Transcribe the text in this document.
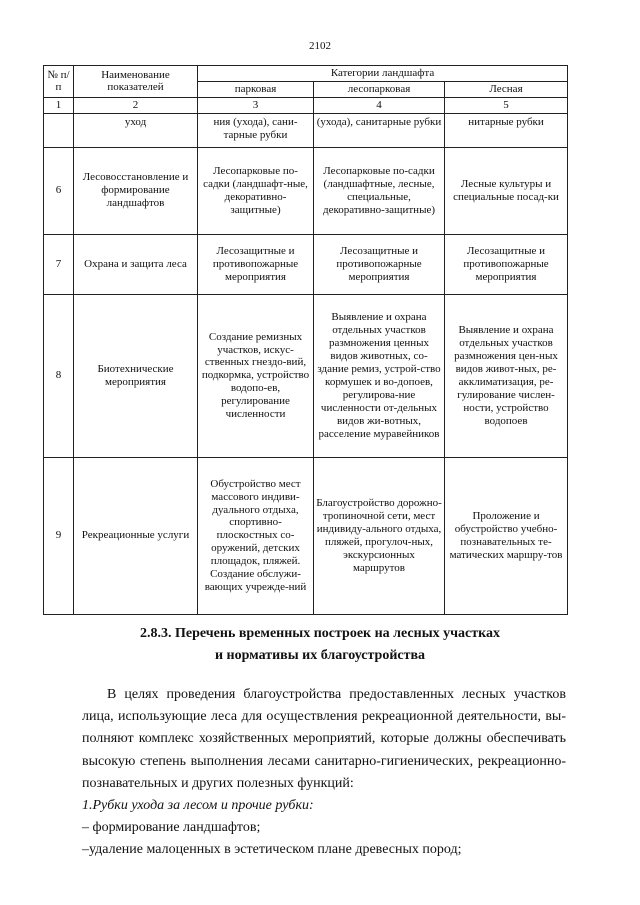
2102
№ п/п	Наименование показателей	Категории ландшафта		
		парковая	лесопарковая	Лесная
1	2	3	4	5
	уход	ния (ухода), сани-тарные рубки	(ухода), санитарные рубки	нитарные рубки
6	Лесовосстановление и формирование ландшафтов	Лесопарковые по-садки (ландшафт-ные, декоративно-защитные)	Лесопарковые по-садки (ландшафтные, лесные, специальные, декоративно-защитные)	Лесные культуры и специальные посад-ки
7	Охрана и защита леса	Лесозащитные и противопожарные мероприятия	Лесозащитные и противопожарные мероприятия	Лесозащитные и противопожарные мероприятия
8	Биотехнические мероприятия	Создание ремизных участков, искус-ственных гнездо-вий, подкормка, устройство водопо-ев, регулирование численности	Выявление и охрана отдельных участков размножения ценных видов животных, со-здание ремиз, устрой-ство кормушек и во-допоев, регулирова-ние численности от-дельных видов жи-вотных, расселение муравейников	Выявление и охрана отдельных участков размножения цен-ных видов живот-ных, ре-акклиматизация, ре-гулирование числен-ности, устройство водопоев
9	Рекреационные услуги	Обустройство мест массового индиви-дуального отдыха, спортивно-плоскостных со-оружений, детских площадок, пляжей. Создание обслужи-вающих учрежде-ний	Благоустройство дорожно-тропиночной сети, мест индивиду-ального отдыха, пляжей, прогулоч-ных, экскурсионных маршрутов	Проложение и обустройство учебно-познавательных те-матических маршру-тов
2.8.3. Перечень временных построек на лесных участках
и нормативы их благоустройства

В целях проведения благоустройства предоставленных лесных участков лица, использующие леса для осуществления рекреационной деятельности, вы-полняют комплекс хозяйственных мероприятий, которые должны обеспечивать высокую степень выполнения лесами санитарно-гигиенических, рекреационно-познавательных и других полезных функций:

1.Рубки ухода за лесом и прочие рубки:

– формирование ландшафтов;

–удаление малоценных в эстетическом плане древесных пород;
